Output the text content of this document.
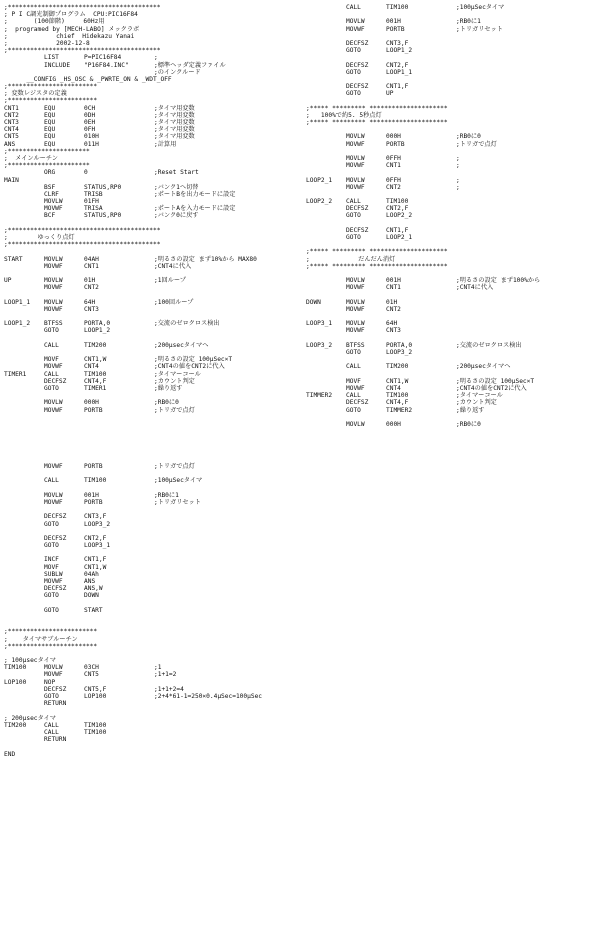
;*****************************************
; P I C調光制御プログラム  CPU:PIC16F84
;       (100節階)     60Hz用
;  programed by [MECH-LABO] メックラボ
;             chief  Hidekazu Yanai
;             2002-12-8
;*****************************************
LIST	P=PIC16F84	;
INCLUDE "P16F84.INC"	;標準ヘッダ定義ファイル
;のインクルード
__CONFIG _HS_OSC & _PWRTE_ON & _WDT_OFF
;************************
; 変数レジスタの定義
;************************
CNT1	EQU	0CH	;タイマ用変数
CNT2	EQU	0DH	;タイマ用変数
CNT3	EQU	0EH	;タイマ用変数
CNT4	EQU	0FH	;タイマ用変数
CNT5	EQU	010H	;タイマ用変数
ANS	EQU	011H	;計算用
;**********************
;  メインルーチン
;**********************
ORG	0	;Reset Start
MAIN
BSF	STATUS,RP0	;バンク1へ切替
CLRF	TRISB	;ポートBを出力モードに設定
MOVLW	01FH
MOVWF	TRISA	;ポートAを入力モードに設定
BCF	STATUS,RP0	;バンク0に戻す
;*****************************************
;        ゆっくり点灯
;*****************************************
START	MOVLW	04AH	;明るさの設定 まず10%から MAX80
MOVWF	CNT1	;CNT4に代入
UP	MOVLW	01H	;1回ループ
MOVWF	CNT2
LOOP1_1 MOVLW	64H	;100回ループ
MOVWF	CNT3
LOOP1_2 BTFSS	PORTA,0	;交流のゼロクロス検出
GOTO	LOOP1_2
CALL	TIM200	;200μsecタイマへ
MOVF	CNT1,W	;明るさの設定 100μSec×T
MOVWF	CNT4	;CNT4の値をCNT2に代入
TIMER1	CALL	TIM100	;タイマーコール
DECFSZ	CNT4,F	;カウント判定
GOTO	TIMER1	;繰り返す
MOVLW	000H	;RB0に0
MOVWF	PORTB	;トリガで点灯
CALL	TIM100	;100μSecタイマ
MOVLW	001H	;RB0に1
MOVWF	PORTB	;トリガリセット
DECFSZ	CNT3,F
GOTO	LOOP1_2
DECFSZ	CNT2,F
GOTO	LOOP1_1
DECFSZ	CNT1,F
GOTO	UP
;***** ********* *********************
;   100%で約5. 5秒点灯
;***** ********* *********************
MOVLW	000H	;RB0に0
MOVWF	PORTB	;トリガで点灯
MOVLW	0FFH	;
MOVWF	CNT1	;
LOOP2_1 MOVLW	0FFH	;
MOVWF	CNT2	;
LOOP2_2 CALL	TIM100
DECFSZ	CNT2,F
GOTO	LOOP2_2
DECFSZ	CNT1,F
GOTO	LOOP2_1
;***** ********* *********************
;             だんだん消灯
;***** ********* *********************
MOVLW	001H	;明るさの設定 まず100%から
MOVWF	CNT1	;CNT4に代入
DOWN	MOVLW	01H
MOVWF	CNT2
LOOP3_1 MOVLW	64H
MOVWF	CNT3
LOOP3_2 BTFSS	PORTA,0	;交流のゼロクロス検出
GOTO	LOOP3_2
CALL	TIM200	;200μsecタイマへ
MOVF	CNT1,W	;明るさの設定 100μSec×T
MOVWF	CNT4	;CNT4の値をCNT2に代入
TIMMER2 CALL	TIM100	;タイマーコール
DECFSZ	CNT4,F	;カウント判定
GOTO	TIMMER2	;繰り返す
MOVLW	000H	;RB0に0
MOVWF	PORTB	;トリガで点灯
CALL	TIM100	;100μSecタイマ
MOVLW	001H	;RB0に1
MOVWF	PORTB	;トリガリセット
DECFSZ	CNT3,F
GOTO	LOOP3_2
DECFSZ	CNT2,F
GOTO	LOOP3_1
INCF	CNT1,F
MOVF	CNT1,W
SUBLW	04Ah
MOVWF	ANS
DECFSZ	ANS,W
GOTO	DOWN
GOTO	START
;************************
;    タイマサブルーチン
;************************
; 100μsecタイマ
TIM100	MOVLW	03CH	;1
MOVWF	CNT5	;1+1=2
LOP100	NOP
DECFSZ	CNT5,F	;1+1+2=4
GOTO	LOP100	;2+4*61-1=250×0.4μSec=100μSec
RETURN
; 200μsecタイマ
TIM200	CALL	TIM100
CALL	TIM100
RETURN
END
